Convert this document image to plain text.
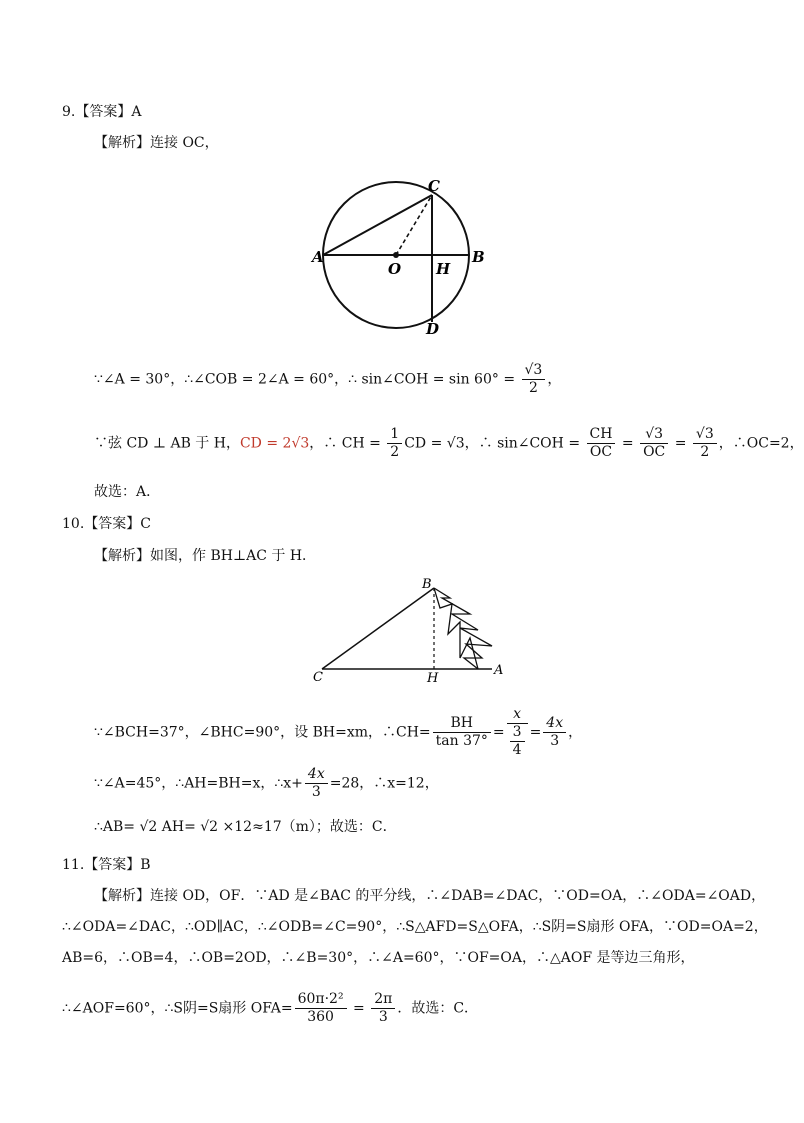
9.【答案】A
【解析】连接 OC，
A	B
C
D
O H
∵∠A = 30°，∴∠COB = 2∠A = 60°，∴ sin∠COH = $\sin 60^\circ = \frac{√3}{2}$ ，
∵弦 CD ⊥ AB 于 H，CD = 2√3，∴ CH = $\frac{1}{2}$ CD = √3，∴ sin∠COH = $\frac{CH}{OC} = \frac{√3}{OC} = \frac{√3}{2}$ ，∴OC=2，
故选：A．
10.【答案】C
【解析】如图，作 BH⊥AC 于 H．
B
C	H
A
∵∠BCH=37°，∠BHC=90°，设 BH=xm，∴CH= $\frac{BH}{\tan 37^\circ} = \frac{x}{\frac{3}{4}} = \frac{4x}{3}$ ，
∵∠A=45°，∴AH=BH=x，∴x+ $\frac{4x}{3} =28$，∴x=12，
∴AB= √2 AH= √2 ×12≈17（m）；故选：C．
11.【答案】B
【解析】连接 OD，OF．∵AD 是∠BAC 的平分线，∴∠DAB=∠DAC，∵OD=OA，∴∠ODA=∠OAD，
∴∠ODA=∠DAC，∴OD∥AC，∴∠ODB=∠C=90°，∴S△AFD=S△OFA，∴S阴=S扇形 OFA，∵OD=OA=2，
AB=6，∴OB=4，∴OB=2OD，∴∠B=30°，∴∠A=60°，∵OF=OA，∴△AOF 是等边三角形，
∴∠AOF=60°，∴S阴=S扇形 $OFA= \frac{\text{60π·2²}}{360} = \frac{2\pi}{3}$ ．故选：C．
